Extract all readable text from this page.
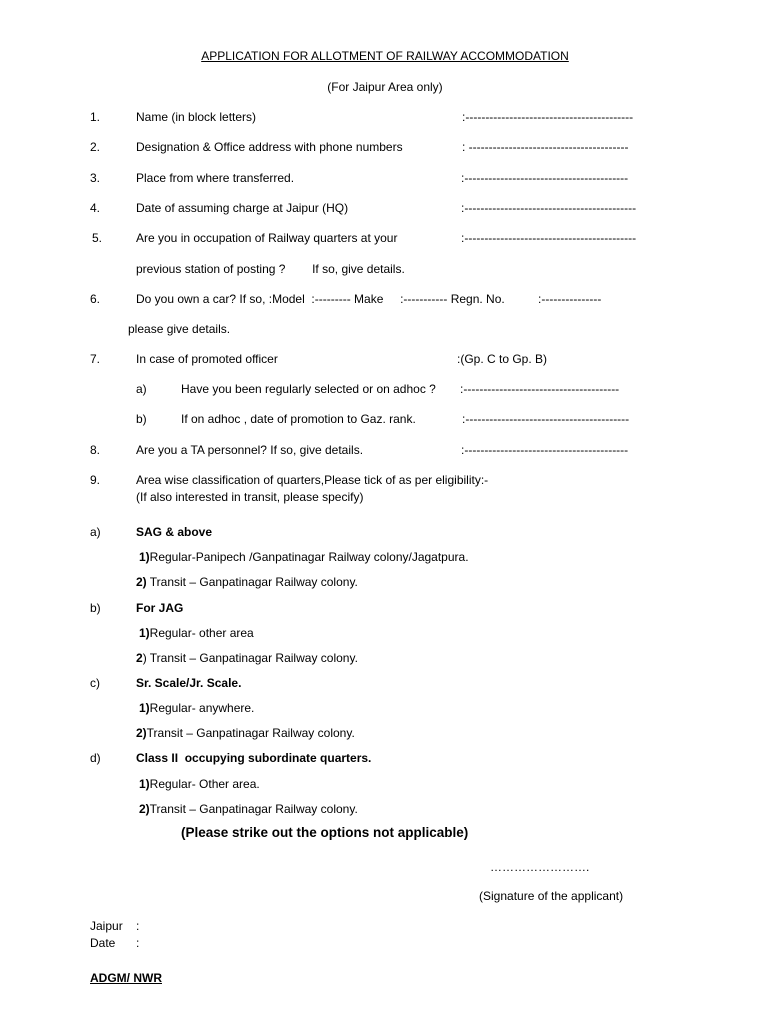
APPLICATION FOR ALLOTMENT OF RAILWAY ACCOMMODATION
(For Jaipur Area only)
1.	Name (in block letters)	:------------------------------------------
2.	Designation & Office address with phone numbers	: ----------------------------------------
3.	Place from where transferred.	:-----------------------------------------
4.	Date of assuming charge at Jaipur (HQ)	:-------------------------------------------
5.	Are you in occupation of Railway quarters at your	:-------------------------------------------
previous station of posting ?        If so, give details.
6.	Do you own a car? If so, :Model  :--------- Make     :----------- Regn. No.          :---------------
please give details.
7.	In case of promoted officer	:(Gp. C to Gp. B)
a)	Have you been regularly selected or on adhoc ? :---------------------------------------
b)	If on adhoc , date of promotion to Gaz. rank.	:-----------------------------------------
8.	Are you a TA personnel? If so, give details.	:-----------------------------------------
9.	Area wise classification of quarters,Please tick of as per eligibility:-
(If also interested in transit, please specify)
a)	SAG & above
1)Regular-Panipech /Ganpatinagar Railway colony/Jagatpura.
2) Transit – Ganpatinagar Railway colony.
b)	For JAG
1)Regular- other area
2) Transit – Ganpatinagar Railway colony.
c)	Sr. Scale/Jr. Scale.
1)Regular- anywhere.
2)Transit – Ganpatinagar Railway colony.
d)	Class II  occupying subordinate quarters.
1)Regular- Other area.
2)Transit – Ganpatinagar Railway colony.
(Please strike out the options not applicable)
…………………….
(Signature of the applicant)
Jaipur :
Date :
ADGM/ NWR
